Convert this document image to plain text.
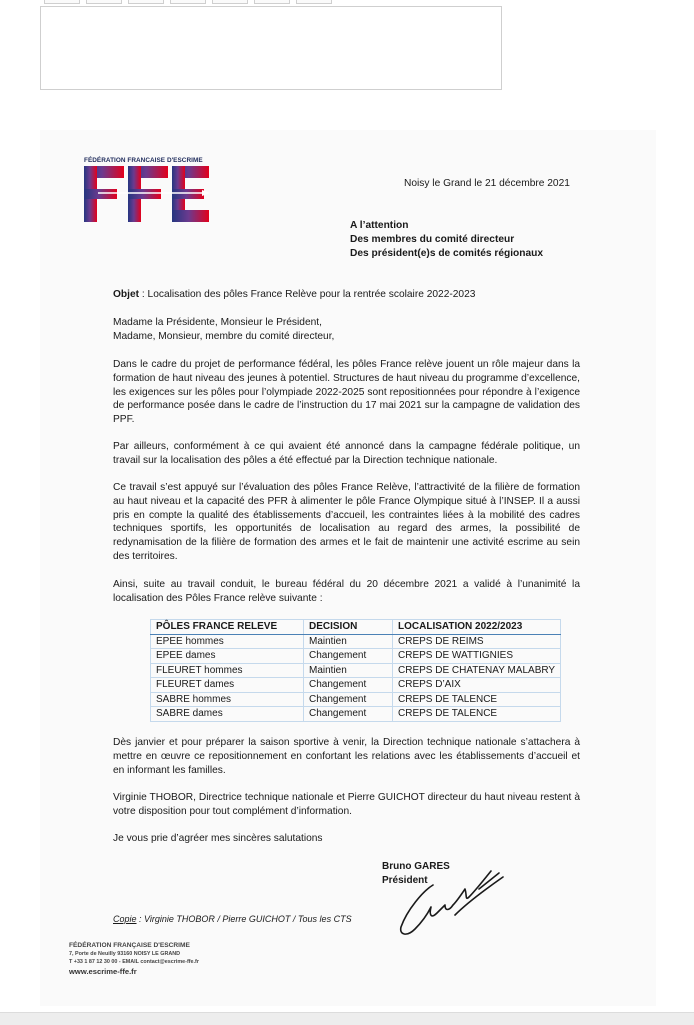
FÉDÉRATION FRANCAISE D'ESCRIME
Noisy le Grand le 21 décembre 2021
A l’attention
Des membres du comité directeur
Des président(e)s de comités régionaux
Objet : Localisation des pôles France Relève pour la rentrée scolaire 2022-2023
Madame la Présidente, Monsieur le Président,
Madame, Monsieur, membre du comité directeur,
Dans le cadre du projet de performance fédéral, les pôles France relève jouent un rôle majeur dans la formation de haut niveau des jeunes à potentiel. Structures de haut niveau du programme d’excellence, les exigences sur les pôles pour l’olympiade 2022-2025 sont repositionnées pour répondre à l’exigence de performance posée dans le cadre de l’instruction du 17 mai 2021 sur la campagne de validation des PPF.
Par ailleurs, conformément à ce qui avaient été annoncé dans la campagne fédérale politique, un travail sur la localisation des pôles a été effectué par la Direction technique nationale.
Ce travail s’est appuyé sur l’évaluation des pôles France Relève, l’attractivité de la filière de formation au haut niveau et la capacité des PFR à alimenter le pôle France Olympique situé à l’INSEP. Il a aussi pris en compte la qualité des établissements d’accueil, les contraintes liées à la mobilité des cadres techniques sportifs, les opportunités de localisation au regard des armes, la possibilité de redynamisation de la filière de formation des armes et le fait de maintenir une activité escrime au sein des territoires.
Ainsi, suite au travail conduit, le bureau fédéral du 20 décembre 2021 a validé à l’unanimité la localisation des Pôles France relève suivante :
PÔLES FRANCE RELEVE	DECISION	LOCALISATION 2022/2023
EPEE hommes	Maintien	CREPS DE REIMS
EPEE dames	Changement	CREPS DE WATTIGNIES
FLEURET hommes	Maintien	CREPS DE CHATENAY MALABRY
FLEURET dames	Changement	CREPS D’AIX
SABRE hommes	Changement	CREPS DE TALENCE
SABRE dames	Changement	CREPS DE TALENCE
Dès janvier et pour préparer la saison sportive à venir, la Direction technique nationale s’attachera à mettre en œuvre ce repositionnement en confortant les relations avec les établissements d’accueil et en informant les familles.
Virginie THOBOR, Directrice technique nationale et Pierre GUICHOT directeur du haut niveau restent à votre disposition pour tout complément d’information.
Je vous prie d’agréer mes sincères salutations
Bruno GARES
Président
Copie : Virginie THOBOR / Pierre GUICHOT / Tous les CTS
FÉDÉRATION FRANÇAISE D'ESCRIME
7, Porte de Neuilly 93160 NOISY LE GRAND
T +33 1 87 12 30 00 - EMAIL contact@escrime-ffe.fr
www.escrime-ffe.fr
